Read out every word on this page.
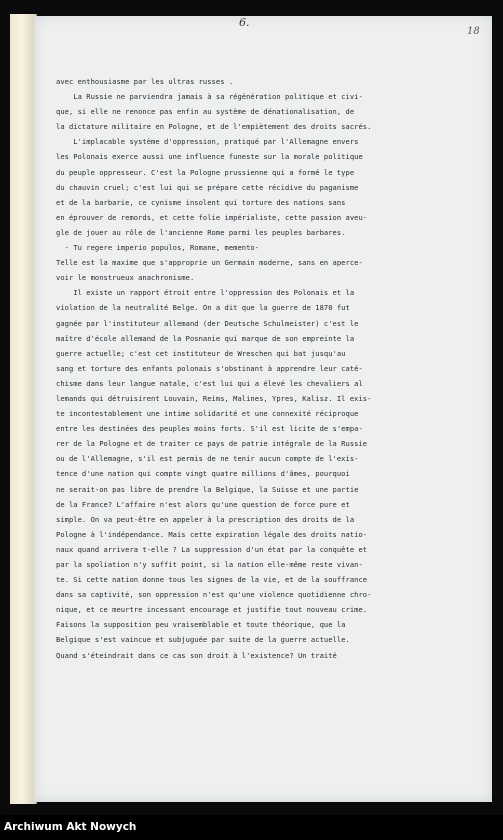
6.
18

avec enthousiasme par les ultras russes .

La Russie ne parviendra jamais à sa régénération politique et civi-

que, si elle ne renonce pas enfin au système de dénationalisation, de

la dictature militaire en Pologne, et de l'empiètement des droits sacrés.

L'implacable système d'oppression, pratiqué par l'Allemagne envers

les Polonais exerce aussi une influence funeste sur la morale politique

du peuple oppresseur. C'est la Pologne prussienne qui a formé le type

du chauvin cruel; c'est lui qui se prépare cette récidive du paganisme

et de la barbarie, ce cynisme insolent qui torture des nations sans

en éprouver de remords, et cette folie impérialiste, cette passion aveu-

gle de jouer au rôle de l'ancienne Rome parmi les peuples barbares.

- Tu regere imperio populos, Romane, memento-

Telle est la maxime que s'approprie un Germain moderne, sans en aperce-

voir le monstrueux anachronisme.

Il existe un rapport étroit entre l'oppression des Polonais et la

violation de la neutralité Belge. On a dit que la guerre de 1870 fut

gagnée par l'instituteur allemand (der Deutsche Schulmeister) c'est le

maître d'école allemand de la Posnanie qui marque de son empreinte la

guerre actuelle; c'est cet instituteur de Wreschen qui bat jusqu'au

sang et torture des enfants polonais s'obstinant à apprendre leur caté-

chisme dans leur langue natale, c'est lui qui a élevé les chevaliers al

lemands qui détruisirent Louvain, Reims, Malines, Ypres, Kalisz. Il exis-

te incontestablement une intime solidarité et une connexité réciproque

entre les destinées des peuples moins forts. S'il est licite de s'empa-

rer de la Pologne et de traiter ce pays de patrie intégrale de la Russie

ou de l'Allemagne, s'il est permis de ne tenir aucun compte de l'exis-

tence d'une nation qui compte vingt quatre millions d'âmes, pourquoi

ne serait-on pas libre de prendre la Belgique, la Suisse et une partie

de la France? L'affaire n'est alors qu'une question de force pure et

simple. On va peut-être en appeler à la prescription des droits de la

Pologne à l'indépendance. Mais cette expiration légale des droits natio-

naux quand arrivera t-elle ? La suppression d'un état par la conquête et

par la spoliation n'y suffit point, si la nation elle-même reste vivan-

te. Si cette nation donne tous les signes de la vie, et de la souffrance

dans sa captivité, son oppression n'est qu'une violence quotidienne chro-

nique, et ce meurtre incessant encourage et justifie tout nouveau crime.

Faisons la supposition peu vraisemblable et toute théorique, que la

Belgique s'est vaincue et subjuguée par suite de la guerre actuelle.

Quand s'éteindrait dans ce cas son droit à l'existence? Un traité

Archiwum Akt Nowych
